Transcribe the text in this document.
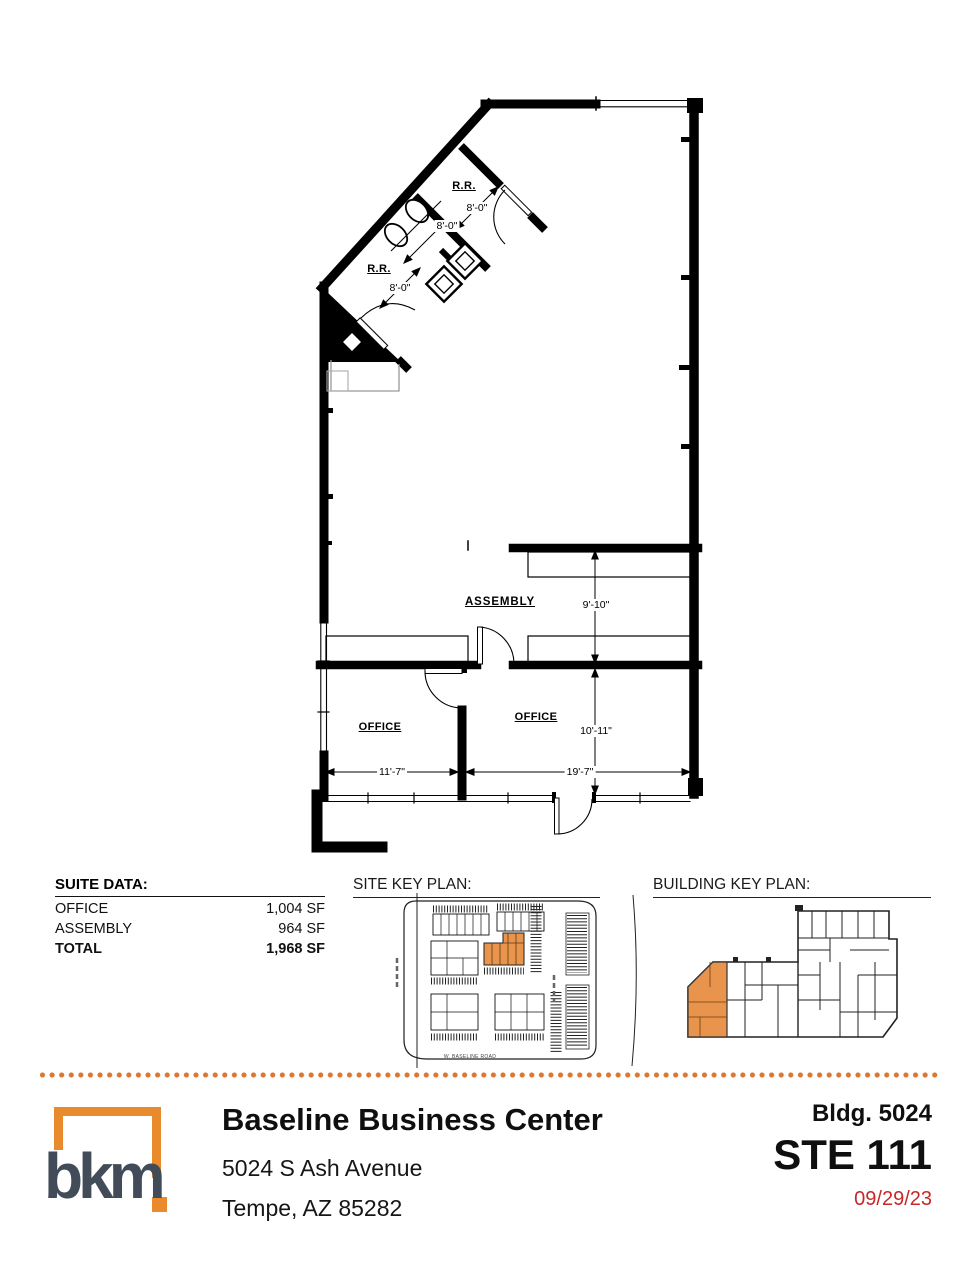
R.R.
R.R.
ASSEMBLY
OFFICE
OFFICE
8'-0"
8'-0"
8'-0"
9'-10"
10'-11"
11'-7"	19'-7"
SUITE DATA:
OFFICE	1,004 SF
ASSEMBLY	964 SF
TOTAL	1,968 SF
SITE KEY PLAN:	BUILDING KEY PLAN:
W. BASELINE ROAD
bkm
Baseline Business Center
5024 S Ash Avenue
Tempe, AZ 85282
Bldg. 5024
STE 111
09/29/23
